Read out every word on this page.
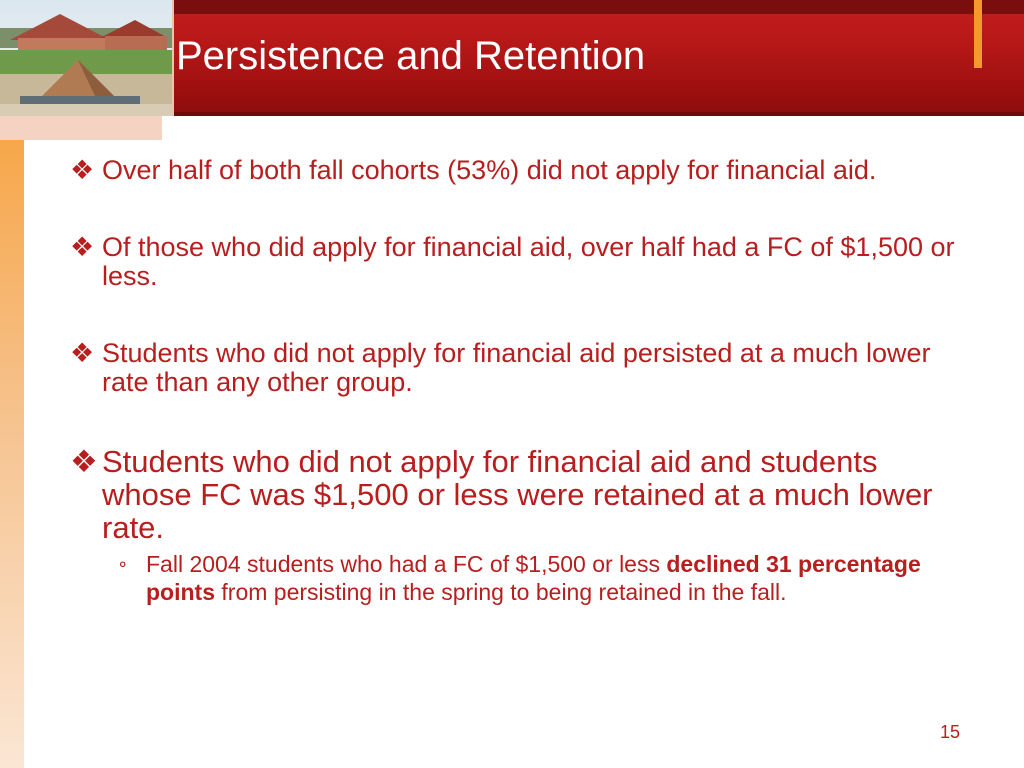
Persistence and Retention
❖ Over half of both fall cohorts (53%) did not apply for financial aid.
❖ Of those who did apply for financial aid, over half had a FC of $1,500 or less.
❖ Students who did not apply for financial aid persisted at a much lower rate than any other group.
❖ Students who did not apply for financial aid and students whose FC was $1,500 or less were retained at a much lower rate.
⚬ Fall 2004 students who had a FC of $1,500 or less declined 31 percentage points from persisting in the spring to being retained in the fall.
15
